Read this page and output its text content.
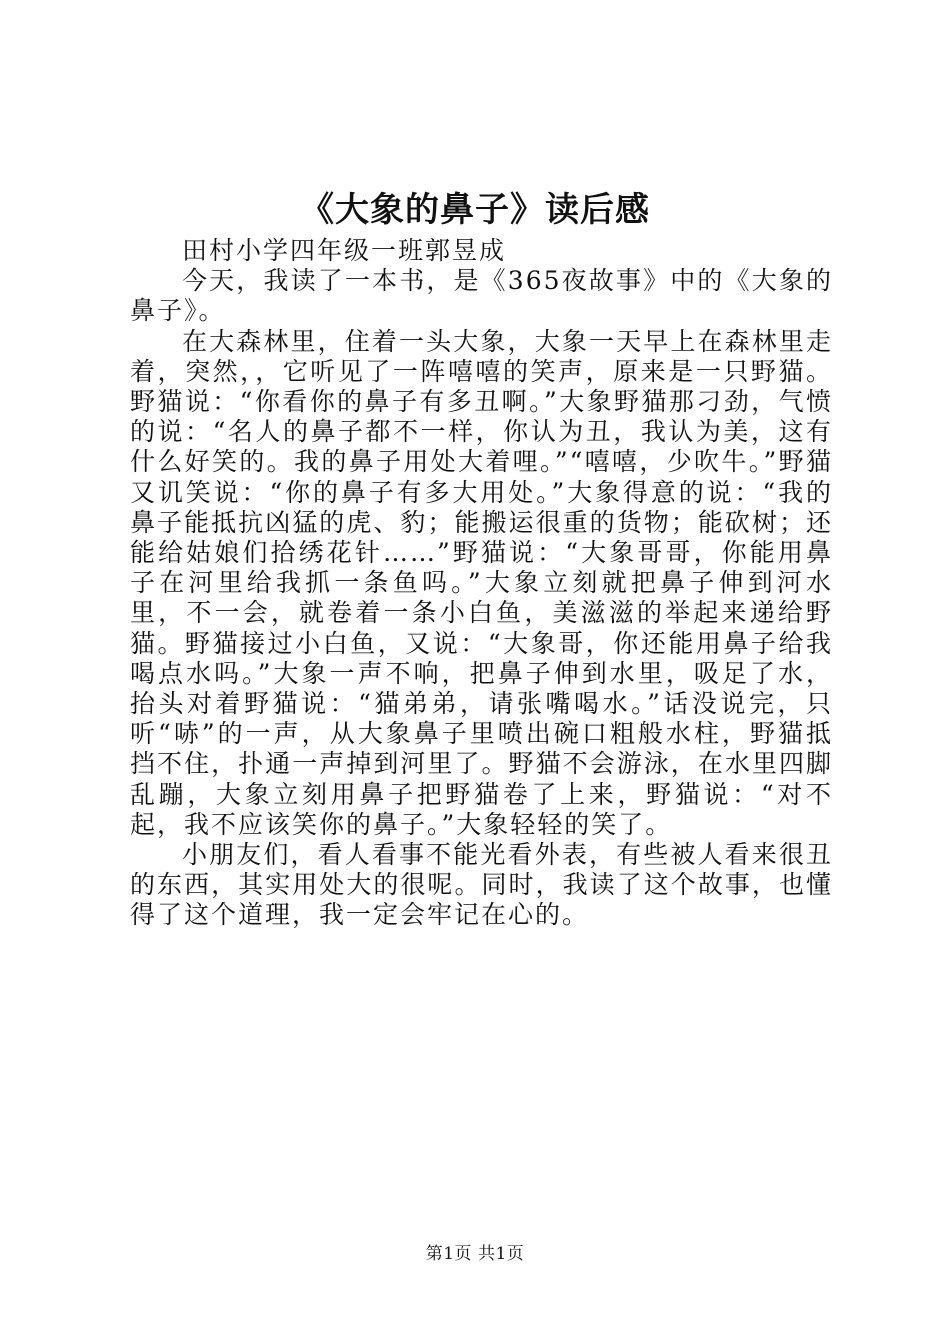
《大象的鼻子》读后感

田村小学四年级一班郭昱成

今天，我读了一本书，是《365夜故事》中的《大象的鼻子》。

在大森林里，住着一头大象，大象一天早上在森林里走着，突然，，它听见了一阵嘻嘻的笑声，原来是一只野猫。野猫说：“你看你的鼻子有多丑啊。”大象野猫那刁劲，气愤的说：“名人的鼻子都不一样，你认为丑，我认为美，这有什么好笑的。我的鼻子用处大着哩。”“嘻嘻，少吹牛。”野猫又讥笑说：“你的鼻子有多大用处。”大象得意的说：“我的鼻子能抵抗凶猛的虎、豹；能搬运很重的货物；能砍树；还能给姑娘们拾绣花针……”野猫说：“大象哥哥，你能用鼻子在河里给我抓一条鱼吗。”大象立刻就把鼻子伸到河水里，不一会，就卷着一条小白鱼，美滋滋的举起来递给野猫。野猫接过小白鱼，又说：“大象哥，你还能用鼻子给我喝点水吗。”大象一声不响，把鼻子伸到水里，吸足了水，抬头对着野猫说：“猫弟弟，请张嘴喝水。”话没说完，只听“哧”的一声，从大象鼻子里喷出碗口粗般水柱，野猫抵挡不住，扑通一声掉到河里了。野猫不会游泳，在水里四脚乱蹦，大象立刻用鼻子把野猫卷了上来，野猫说：“对不起，我不应该笑你的鼻子。”大象轻轻的笑了。

小朋友们，看人看事不能光看外表，有些被人看来很丑的东西，其实用处大的很呢。同时，我读了这个故事，也懂得了这个道理，我一定会牢记在心的。

第1页 共1页
